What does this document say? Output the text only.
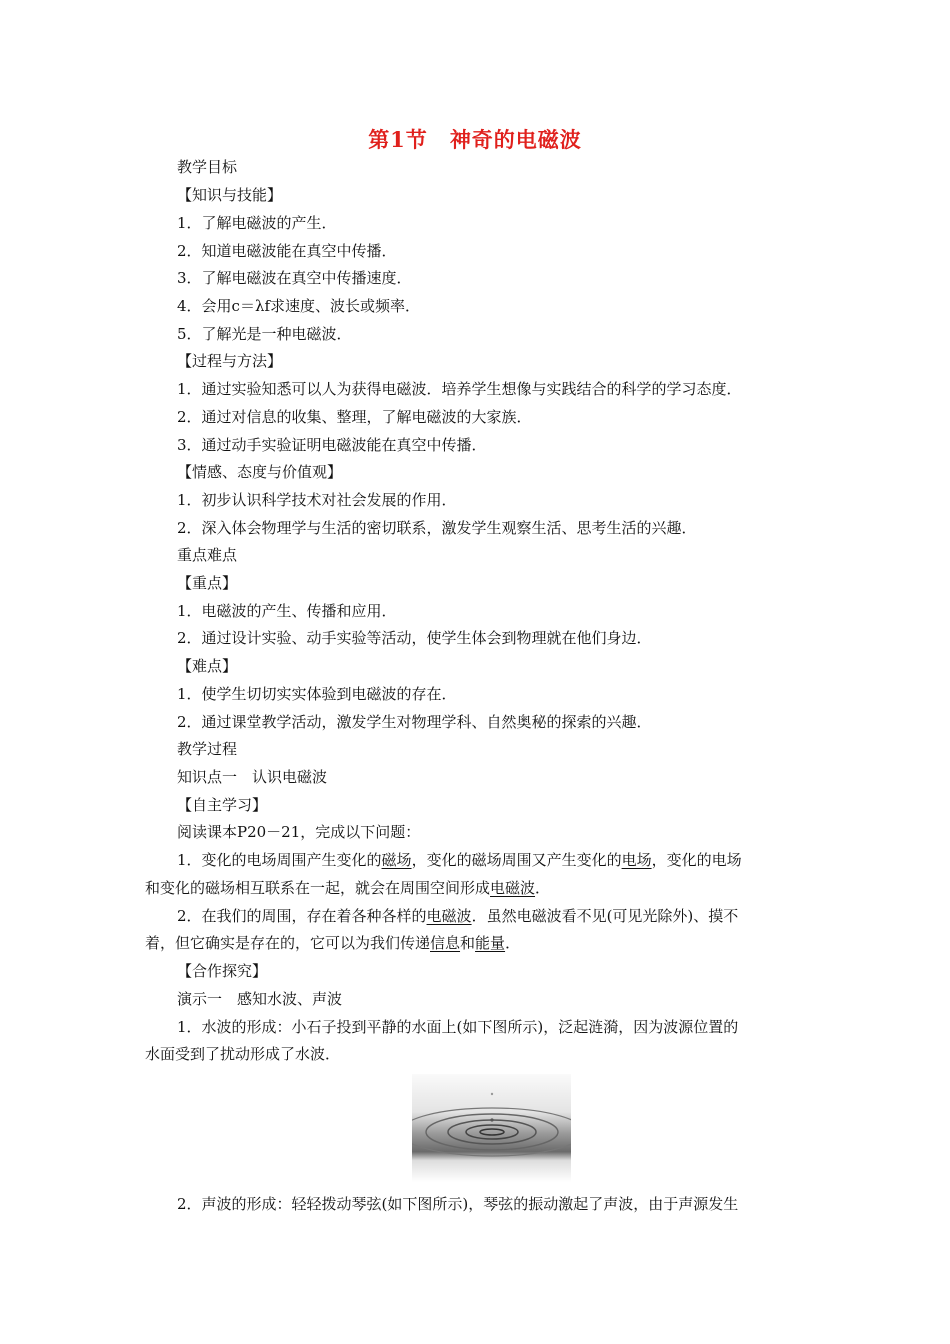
第1节 神奇的电磁波
教学目标
【知识与技能】
1．了解电磁波的产生．
2．知道电磁波能在真空中传播．
3．了解电磁波在真空中传播速度．
4．会用c＝λf求速度、波长或频率．
5．了解光是一种电磁波．
【过程与方法】
1．通过实验知悉可以人为获得电磁波．培养学生想像与实践结合的科学的学习态度．
2．通过对信息的收集、整理，了解电磁波的大家族．
3．通过动手实验证明电磁波能在真空中传播．
【情感、态度与价值观】
1．初步认识科学技术对社会发展的作用．
2．深入体会物理学与生活的密切联系，激发学生观察生活、思考生活的兴趣．
重点难点
【重点】
1．电磁波的产生、传播和应用．
2．通过设计实验、动手实验等活动，使学生体会到物理就在他们身边．
【难点】
1．使学生切切实实体验到电磁波的存在．
2．通过课堂教学活动，激发学生对物理学科、自然奥秘的探索的兴趣．
教学过程
知识点一　认识电磁波
【自主学习】
阅读课本P20－21，完成以下问题：
1．变化的电场周围产生变化的磁场，变化的磁场周围又产生变化的电场，变化的电场
和变化的磁场相互联系在一起，就会在周围空间形成电磁波．
2．在我们的周围，存在着各种各样的电磁波．虽然电磁波看不见(可见光除外)、摸不
着，但它确实是存在的，它可以为我们传递信息和能量．
【合作探究】
演示一　感知水波、声波
1．水波的形成：小石子投到平静的水面上(如下图所示)，泛起涟漪，因为波源位置的
水面受到了扰动形成了水波．
2．声波的形成：轻轻拨动琴弦(如下图所示)，琴弦的振动激起了声波，由于声源发生
